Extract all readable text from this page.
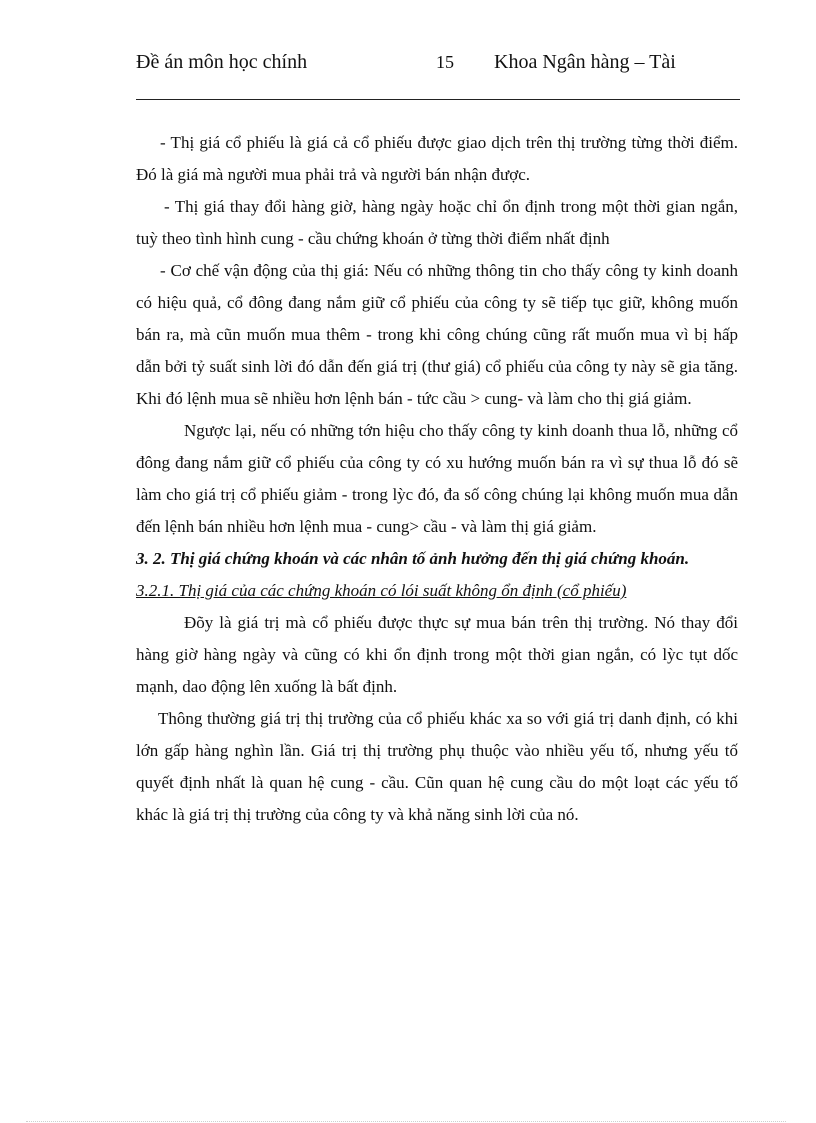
Đề án môn học chính	15 Khoa Ngân hàng – Tài

- Thị giá cổ phiếu là giá cả cổ phiếu được giao dịch trên thị trường từng thời điểm. Đó là giá mà người mua phải trả và người bán nhận được.

- Thị giá thay đổi hàng giờ, hàng ngày hoặc chỉ ổn định trong một thời gian ngắn, tuỳ theo tình hình cung - cầu chứng khoán ở từng thời điểm nhất định

- Cơ chế vận động của thị giá: Nếu có những thông tin cho thấy công ty kinh doanh có hiệu quả, cổ đông đang nắm giữ cổ phiếu của công ty sẽ tiếp tục giữ, không muốn bán ra, mà cũn muốn mua thêm - trong khi công chúng cũng rất muốn mua vì bị hấp dẫn bởi tỷ suất sinh lời đó dẫn đến giá trị (thư giá) cổ phiếu của công ty này sẽ gia tăng. Khi đó lệnh mua sẽ nhiều hơn lệnh bán - tức cầu > cung- và làm cho thị giá giảm.

Ngược lại, nếu có những tớn hiệu cho thấy công ty kinh doanh thua lỗ, những cổ đông đang nắm giữ cổ phiếu của công ty có xu hướng muốn bán ra vì sự thua lỗ đó sẽ làm cho giá trị cổ phiếu giảm - trong lỳc đó, đa số công chúng lại không muốn mua dẫn đến lệnh bán nhiều hơn lệnh mua - cung> cầu - và làm thị giá giảm.

3. 2. Thị giá chứng khoán và các nhân tố ảnh hưởng đến thị giá chứng khoán.

3.2.1. Thị giá của các chứng khoán có lói suất không ổn định (cổ phiếu)

Đõy là giá trị mà cổ phiếu được thực sự mua bán trên thị trường. Nó thay đổi hàng giờ hàng ngày và cũng có khi ổn định trong một thời gian ngắn, có lỳc tụt dốc mạnh, dao động lên xuống là bất định.

Thông thường giá trị thị trường của cổ phiếu khác xa so với giá trị danh định, có khi lớn gấp hàng nghìn lần. Giá trị thị trường phụ thuộc vào nhiều yếu tố, nhưng yếu tố quyết định nhất là quan hệ cung - cầu. Cũn quan hệ cung cầu do một loạt các yếu tố khác là giá trị thị trường của công ty và khả năng sinh lời của nó.
